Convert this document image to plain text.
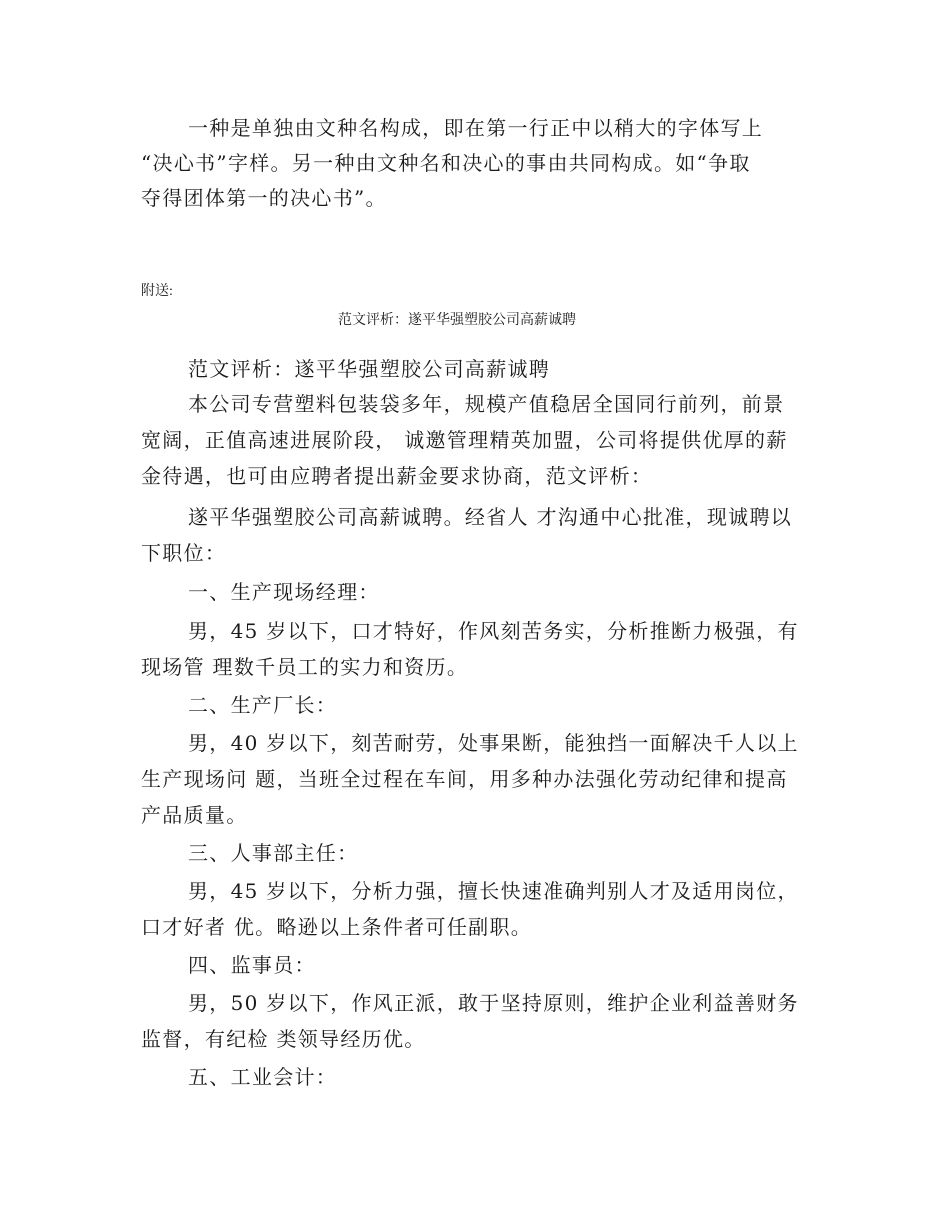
一种是单独由文种名构成，即在第一行正中以稍大的字体写上
“决心书”字样。另一种由文种名和决心的事由共同构成。如“争取
夺得团体第一的决心书”。
附送:
范文评析：遂平华强塑胶公司高薪诚聘
范文评析：遂平华强塑胶公司高薪诚聘
本公司专营塑料包装袋多年，规模产值稳居全国同行前列，前景
宽阔，正值高速进展阶段， 诚邀管理精英加盟，公司将提供优厚的薪
金待遇，也可由应聘者提出薪金要求协商，范文评析：
遂平华强塑胶公司高薪诚聘。经省人 才沟通中心批准，现诚聘以
下职位：
一、生产现场经理：
男，45 岁以下，口才特好，作风刻苦务实，分析推断力极强，有
现场管 理数千员工的实力和资历。
二、生产厂长：
男，40 岁以下，刻苦耐劳，处事果断，能独挡一面解决千人以上
生产现场问 题，当班全过程在车间，用多种办法强化劳动纪律和提高
产品质量。
三、人事部主任：
男，45 岁以下，分析力强，擅长快速准确判别人才及适用岗位，
口才好者 优。略逊以上条件者可任副职。
四、监事员：
男，50 岁以下，作风正派，敢于坚持原则，维护企业利益善财务
监督，有纪检 类领导经历优。
五、工业会计：
